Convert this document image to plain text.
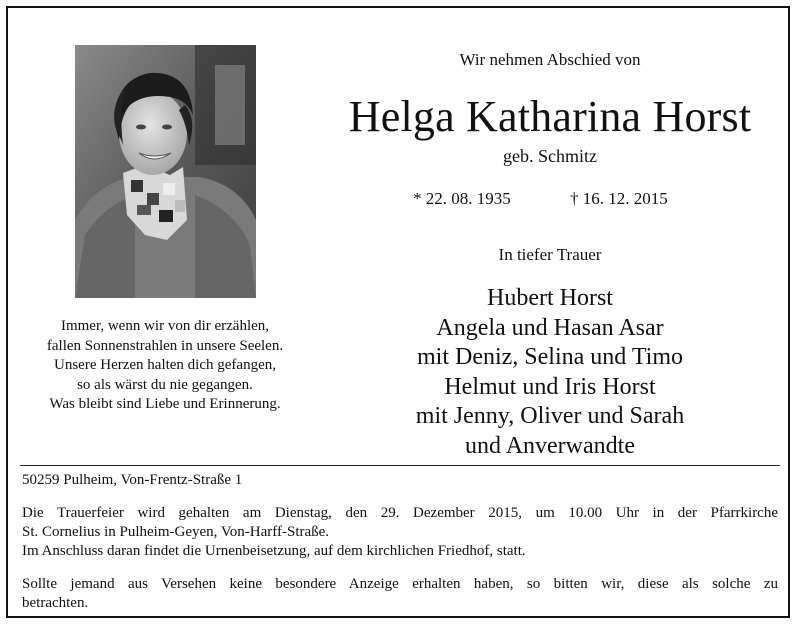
Immer, wenn wir von dir erzählen,
fallen Sonnenstrahlen in unsere Seelen.
Unsere Herzen halten dich gefangen,
so als wärst du nie gegangen.
Was bleibt sind Liebe und Erinnerung.
Wir nehmen Abschied von
Helga Katharina Horst
geb. Schmitz
* 22. 08. 1935	† 16. 12. 2015
In tiefer Trauer
Hubert Horst
Angela und Hasan Asar
mit Deniz, Selina und Timo
Helmut und Iris Horst
mit Jenny, Oliver und Sarah
und Anverwandte
50259 Pulheim, Von-Frentz-Straße 1
Die Trauerfeier wird gehalten am Dienstag, den 29. Dezember 2015, um 10.00 Uhr in der Pfarrkirche
St. Cornelius in Pulheim-Geyen, Von-Harff-Straße.
Im Anschluss daran findet die Urnenbeisetzung, auf dem kirchlichen Friedhof, statt.
Sollte jemand aus Versehen keine besondere Anzeige erhalten haben, so bitten wir, diese als solche zu
betrachten.
